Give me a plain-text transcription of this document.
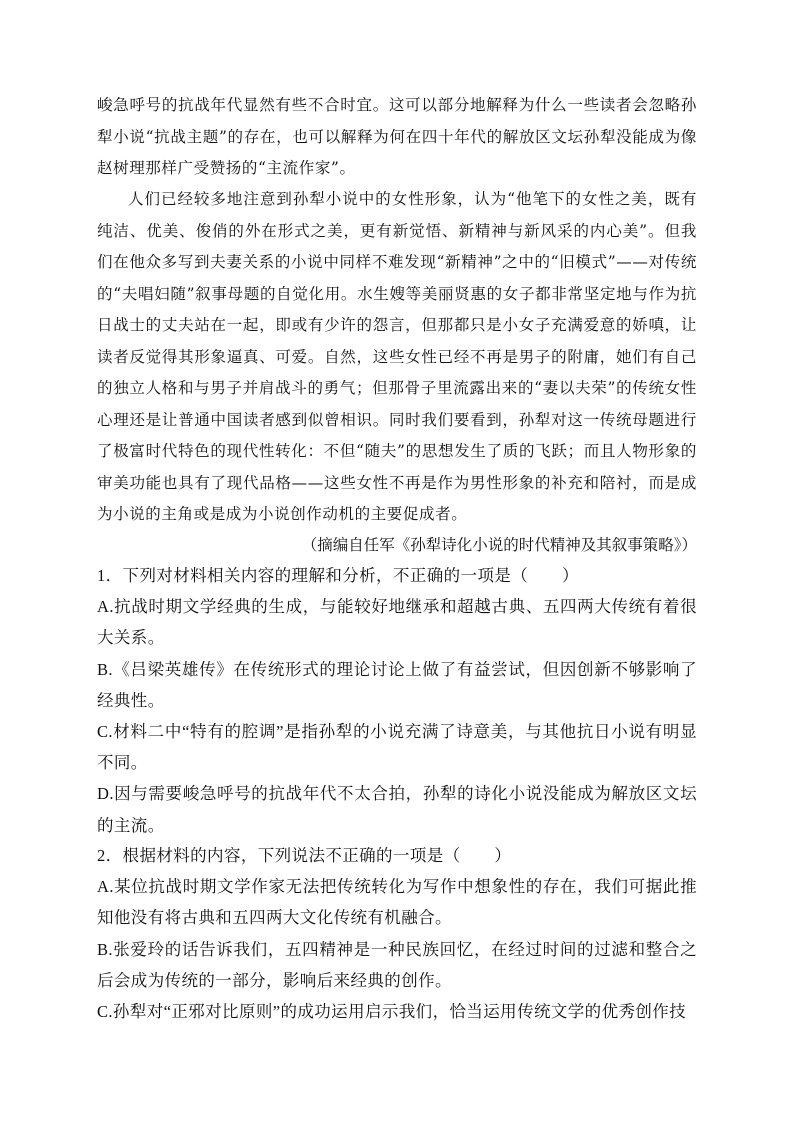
峻急呼号的抗战年代显然有些不合时宜。这可以部分地解释为什么一些读者会忽略孙犁小说“抗战主题”的存在，也可以解释为何在四十年代的解放区文坛孙犁没能成为像赵树理那样广受赞扬的“主流作家”。

人们已经较多地注意到孙犁小说中的女性形象，认为“他笔下的女性之美，既有纯洁、优美、俊俏的外在形式之美，更有新觉悟、新精神与新风采的内心美”。但我们在他众多写到夫妻关系的小说中同样不难发现“新精神”之中的“旧模式”——对传统的“夫唱妇随”叙事母题的自觉化用。水生嫂等美丽贤惠的女子都非常坚定地与作为抗日战士的丈夫站在一起，即或有少许的怨言，但那都只是小女子充满爱意的娇嗔，让读者反觉得其形象逼真、可爱。自然，这些女性已经不再是男子的附庸，她们有自己的独立人格和与男子并肩战斗的勇气；但那骨子里流露出来的“妻以夫荣”的传统女性心理还是让普通中国读者感到似曾相识。同时我们要看到，孙犁对这一传统母题进行了极富时代特色的现代性转化：不但“随夫”的思想发生了质的飞跃；而且人物形象的审美功能也具有了现代品格——这些女性不再是作为男性形象的补充和陪衬，而是成为小说的主角或是成为小说创作动机的主要促成者。

（摘编自任军《孙犁诗化小说的时代精神及其叙事策略》）

1．下列对材料相关内容的理解和分析，不正确的一项是（　　）

A.抗战时期文学经典的生成，与能较好地继承和超越古典、五四两大传统有着很大关系。

B.《吕梁英雄传》在传统形式的理论讨论上做了有益尝试，但因创新不够影响了经典性。

C.材料二中“特有的腔调”是指孙犁的小说充满了诗意美，与其他抗日小说有明显不同。

D.因与需要峻急呼号的抗战年代不太合拍，孙犁的诗化小说没能成为解放区文坛的主流。

2．根据材料的内容，下列说法不正确的一项是（　　）

A.某位抗战时期文学作家无法把传统转化为写作中想象性的存在，我们可据此推知他没有将古典和五四两大文化传统有机融合。

B.张爱玲的话告诉我们，五四精神是一种民族回忆，在经过时间的过滤和整合之后会成为传统的一部分，影响后来经典的创作。

C.孙犁对“正邪对比原则”的成功运用启示我们，恰当运用传统文学的优秀创作技
